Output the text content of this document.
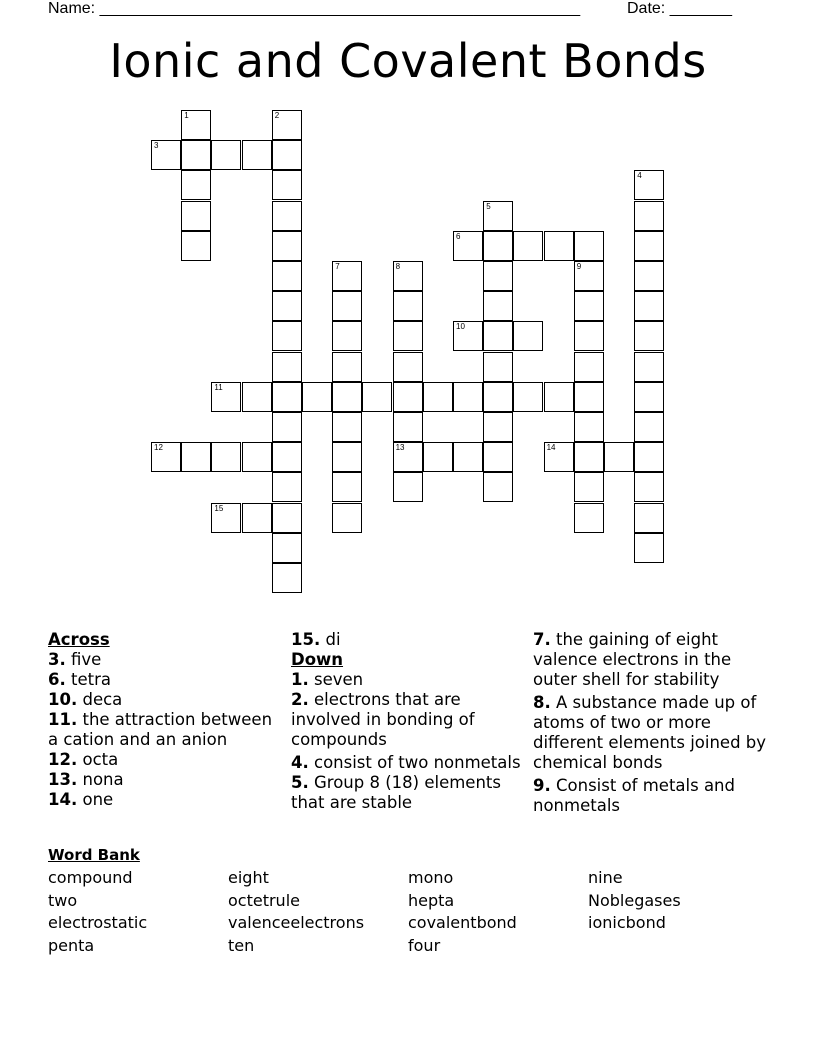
Name: ______________________________________________________	Date: _______
Ionic and Covalent Bonds
1	2
3
4
5
6
7	8
13
9
10
11
12	14
15
Across
3. five
6. tetra
10. deca
11. the attraction between a cation and an anion
12. octa
13. nona
14. one
15. di
Down
1. seven
2. electrons that are involved in bonding of compounds
4. consist of two nonmetals
5. Group 8 (18) elements that are stable
7. the gaining of eight valence electrons in the outer shell for stability
8. A substance made up of atoms of two or more different elements joined by chemical bonds
9. Consist of metals and nonmetals
Word Bank
compound	eight	mono	nine
two	octetrule	hepta	Noblegases
electrostatic	valenceelectrons	covalentbond	ionicbond
penta	ten	four
